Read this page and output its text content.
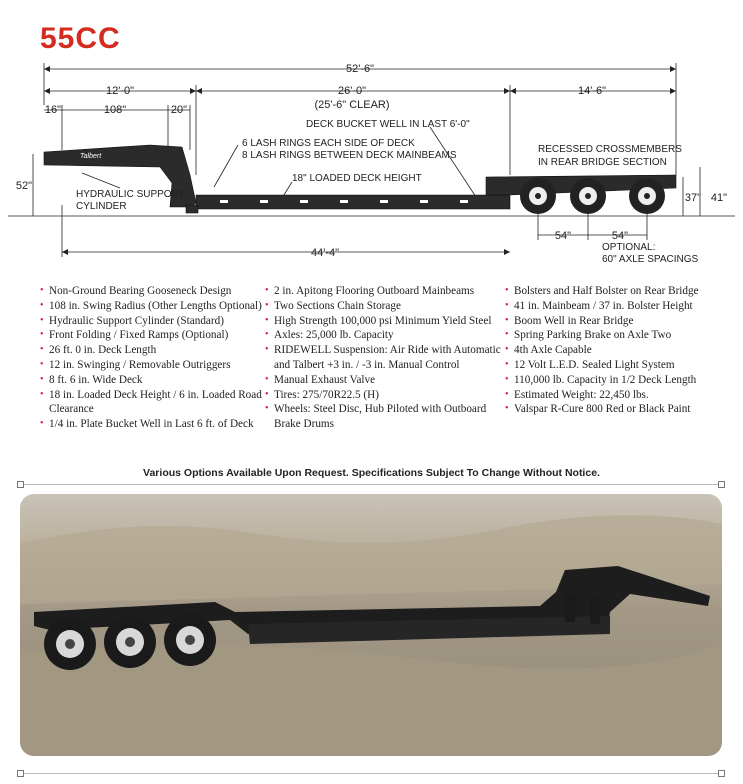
55CC
52'-6"
12'-0"	26'-0"
(25'-6" CLEAR)
14'-6"
16"	108"	20"
52"
37" 41"
54"	54"
44'-4"
DECK BUCKET WELL IN LAST 6'-0"
6 LASH RINGS EACH SIDE OF DECK
8 LASH RINGS BETWEEN DECK MAINBEAMS
18" LOADED DECK HEIGHT
RECESSED CROSSMEMBERS
IN REAR BRIDGE SECTION
HYDRAULIC SUPPORT
CYLINDER
OPTIONAL:
60" AXLE SPACINGS
Talbert
• Non-Ground Bearing Gooseneck Design
• 108 in. Swing Radius (Other Lengths Optional)
• Hydraulic Support Cylinder (Standard)
• Front Folding / Fixed Ramps (Optional)
• 26 ft. 0 in. Deck Length
• 12 in. Swinging / Removable Outriggers
• 8 ft. 6 in. Wide Deck
• 18 in. Loaded Deck Height / 6 in. Loaded Road Clearance
• 1/4 in. Plate Bucket Well in Last 6 ft. of Deck
• 2 in. Apitong Flooring Outboard Mainbeams
• Two Sections Chain Storage
• High Strength 100,000 psi Minimum Yield Steel
• Axles: 25,000 lb. Capacity
• RIDEWELL Suspension: Air Ride with Automatic and Talbert +3 in. / -3 in. Manual Control
• Manual Exhaust Valve
• Tires: 275/70R22.5 (H)
• Wheels: Steel Disc, Hub Piloted with Outboard Brake Drums
• Bolsters and Half Bolster on Rear Bridge
• 41 in. Mainbeam / 37 in. Bolster Height
• Boom Well in Rear Bridge
• Spring Parking Brake on Axle Two
• 4th Axle Capable
• 12 Volt L.E.D. Sealed Light System
• 110,000 lb. Capacity in 1/2 Deck Length
• Estimated Weight: 22,450 lbs.
• Valspar R-Cure 800 Red or Black Paint
Various Options Available Upon Request. Specifications Subject To Change Without Notice.
